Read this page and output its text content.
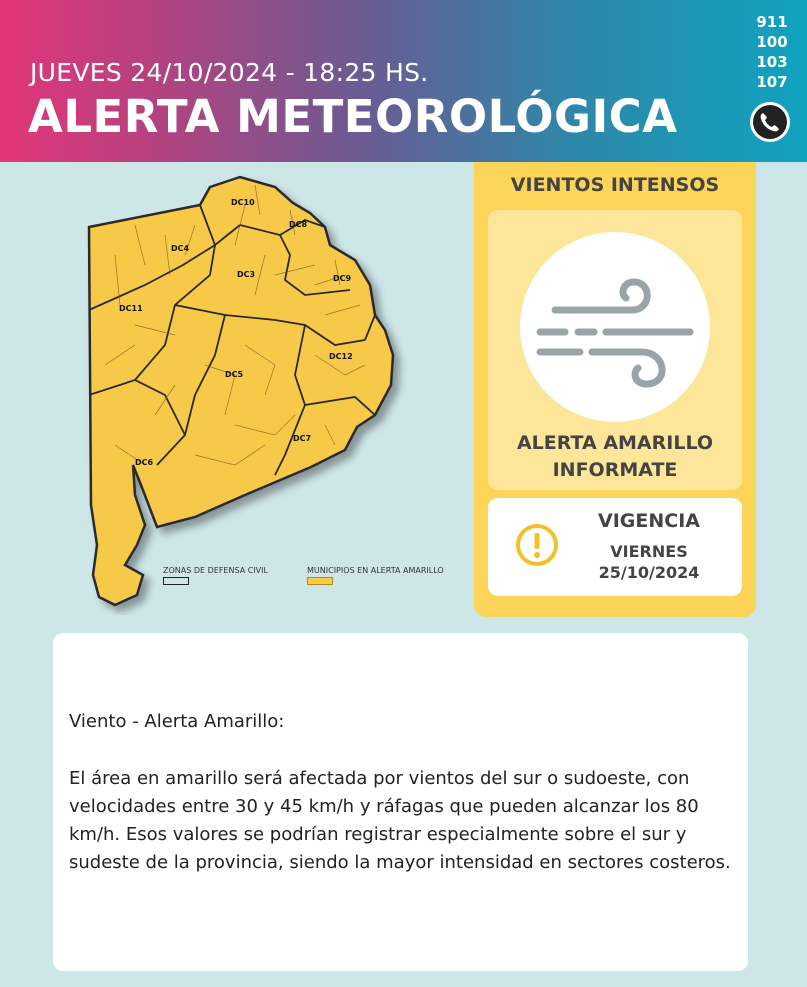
JUEVES 24/10/2024 - 18:25 HS.
ALERTA METEOROLÓGICA
911
100
103
107
DC10
DC8
DC4
DC3	DC9
DC11
DC12
DC5
DC7
DC6
ZONAS DE DEFENSA CIVIL	MUNICIPIOS EN ALERTA AMARILLO
VIENTOS INTENSOS
ALERTA AMARILLO
INFORMATE
VIGENCIA
VIERNES
25/10/2024
Viento - Alerta Amarillo:
El área en amarillo será afectada por vientos del sur o sudoeste, con velocidades entre 30 y 45 km/h y ráfagas que pueden alcanzar los 80 km/h. Esos valores se podrían registrar especialmente sobre el sur y sudeste de la provincia, siendo la mayor intensidad en sectores costeros.
